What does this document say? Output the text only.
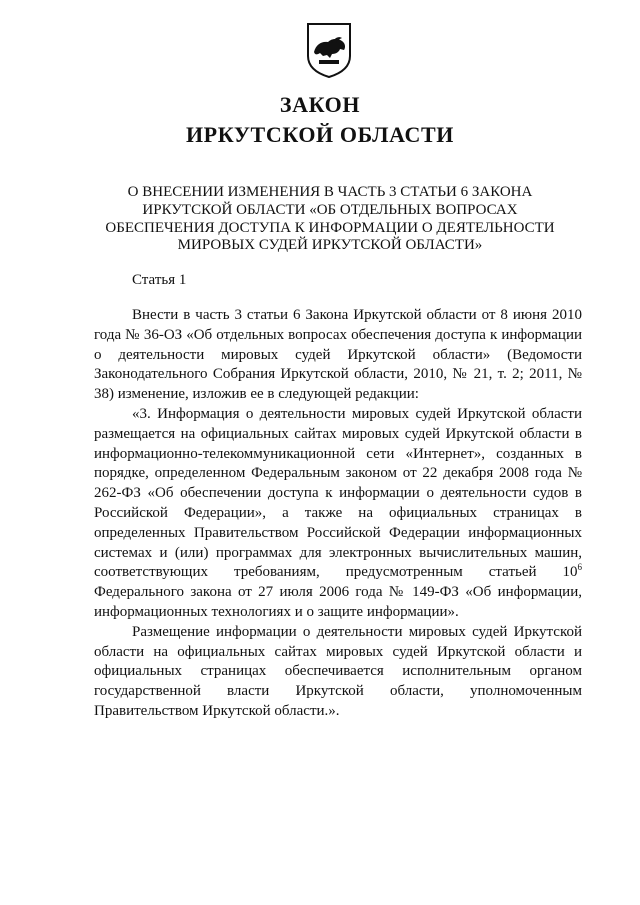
ЗАКОН
ИРКУТСКОЙ ОБЛАСТИ
О ВНЕСЕНИИ ИЗМЕНЕНИЯ В ЧАСТЬ 3 СТАТЬИ 6 ЗАКОНА
ИРКУТСКОЙ ОБЛАСТИ «ОБ ОТДЕЛЬНЫХ ВОПРОСАХ
ОБЕСПЕЧЕНИЯ ДОСТУПА К ИНФОРМАЦИИ О ДЕЯТЕЛЬНОСТИ
МИРОВЫХ СУДЕЙ ИРКУТСКОЙ ОБЛАСТИ»
Статья 1

Внести в часть 3 статьи 6 Закона Иркутской области от 8 июня 2010 года № 36-ОЗ «Об отдельных вопросах обеспечения доступа к информации о деятельности мировых судей Иркутской области» (Ведомости Законодательного Собрания Иркутской области, 2010, № 21, т. 2; 2011, № 38) изменение, изложив ее в следующей редакции:

«3. Информация о деятельности мировых судей Иркутской области размещается на официальных сайтах мировых судей Иркутской области в информационно-телекоммуникационной сети «Интернет», созданных в порядке, определенном Федеральным законом от 22 декабря 2008 года № 262-ФЗ «Об обеспечении доступа к информации о деятельности судов в Российской Федерации», а также на официальных страницах в определенных Правительством Российской Федерации информационных системах и (или) программах для электронных вычислительных машин, соответствующих требованиям, предусмотренным статьей $10^6$ Федерального закона от 27 июля 2006 года № 149-ФЗ «Об информации, информационных технологиях и о защите информации».

Размещение информации о деятельности мировых судей Иркутской области на официальных сайтах мировых судей Иркутской области и официальных страницах обеспечивается исполнительным органом государственной власти Иркутской области, уполномоченным Правительством Иркутской области.».
